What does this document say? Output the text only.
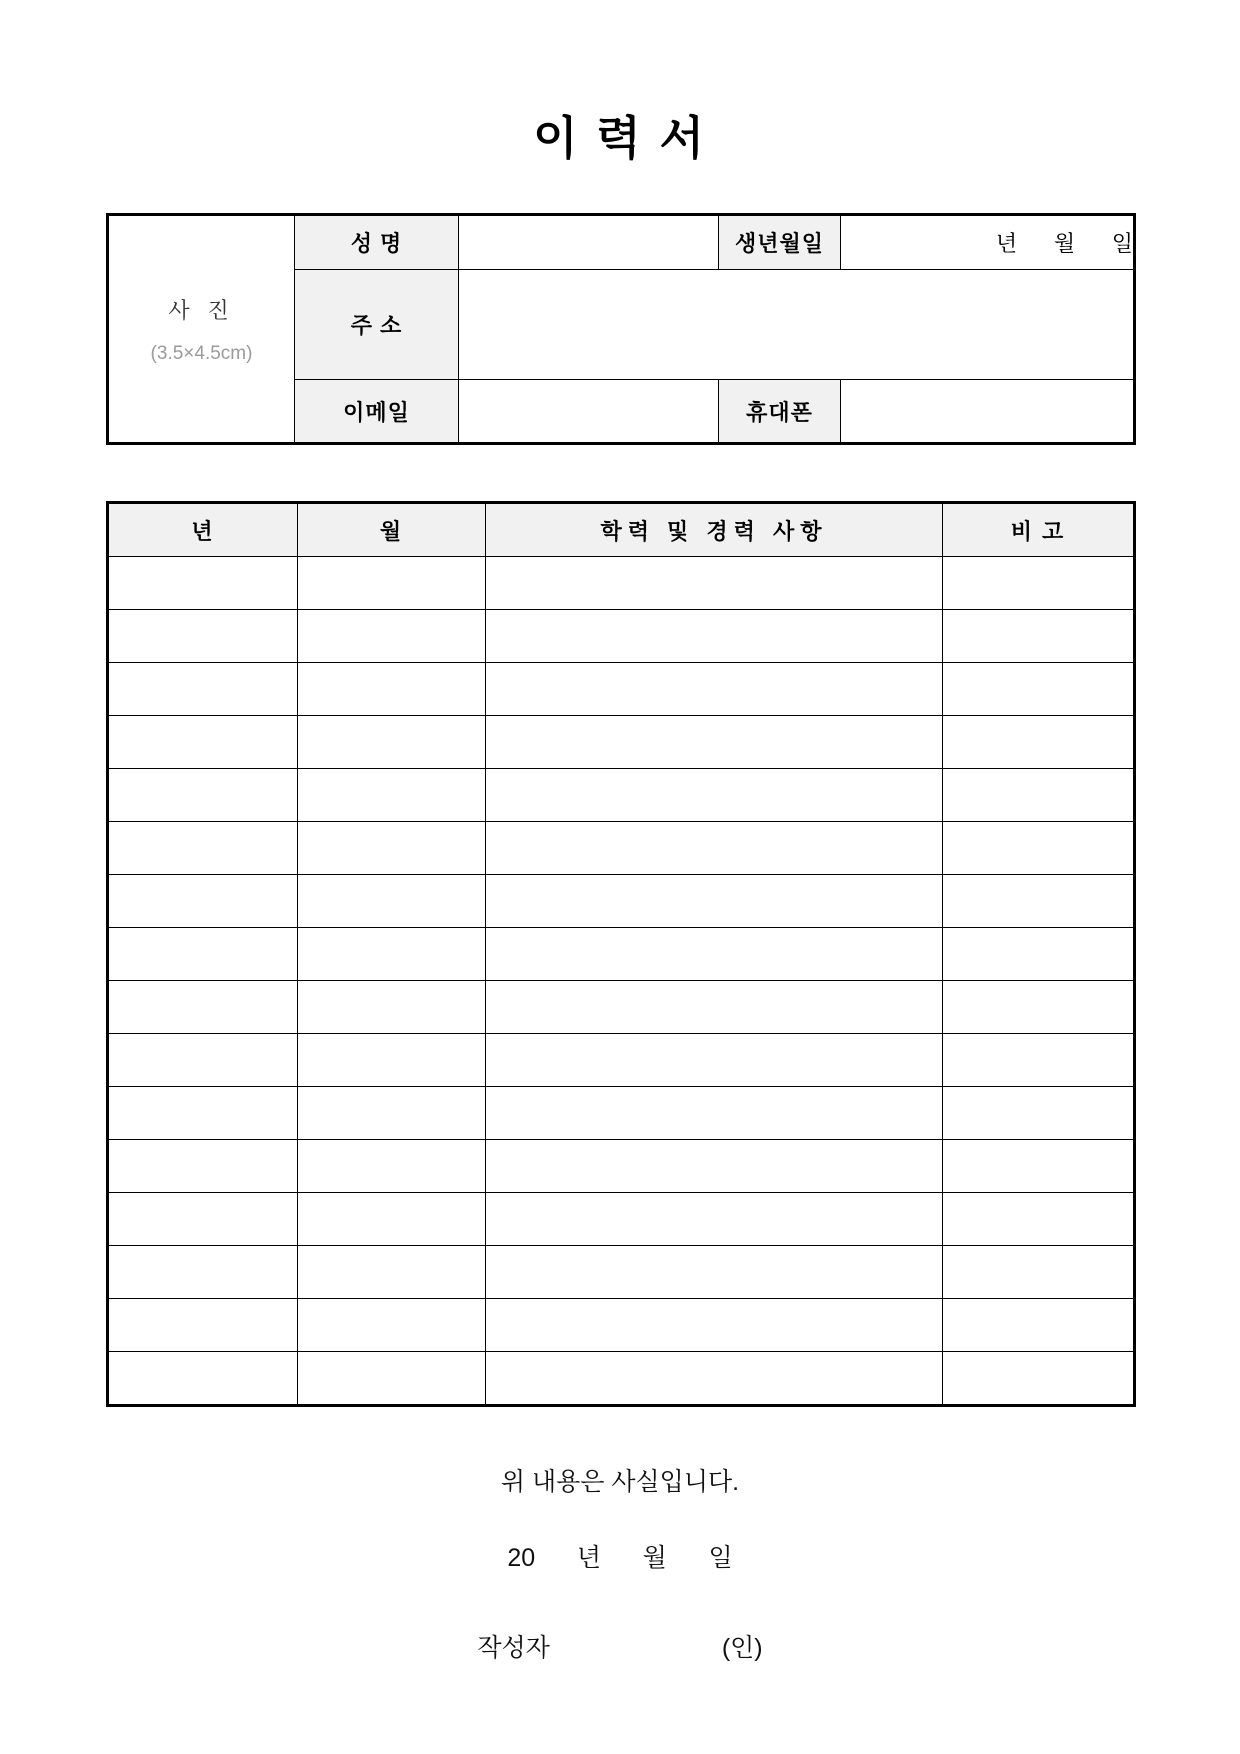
이 력 서
사 진
(3.5×4.5cm)	성 명		생년월일	년      월      일
	주 소			
	이메일		휴대폰	
년	월	학력 및 경력 사항	비 고

위 내용은 사실입니다.
20      년      월      일
작성자	(인)
